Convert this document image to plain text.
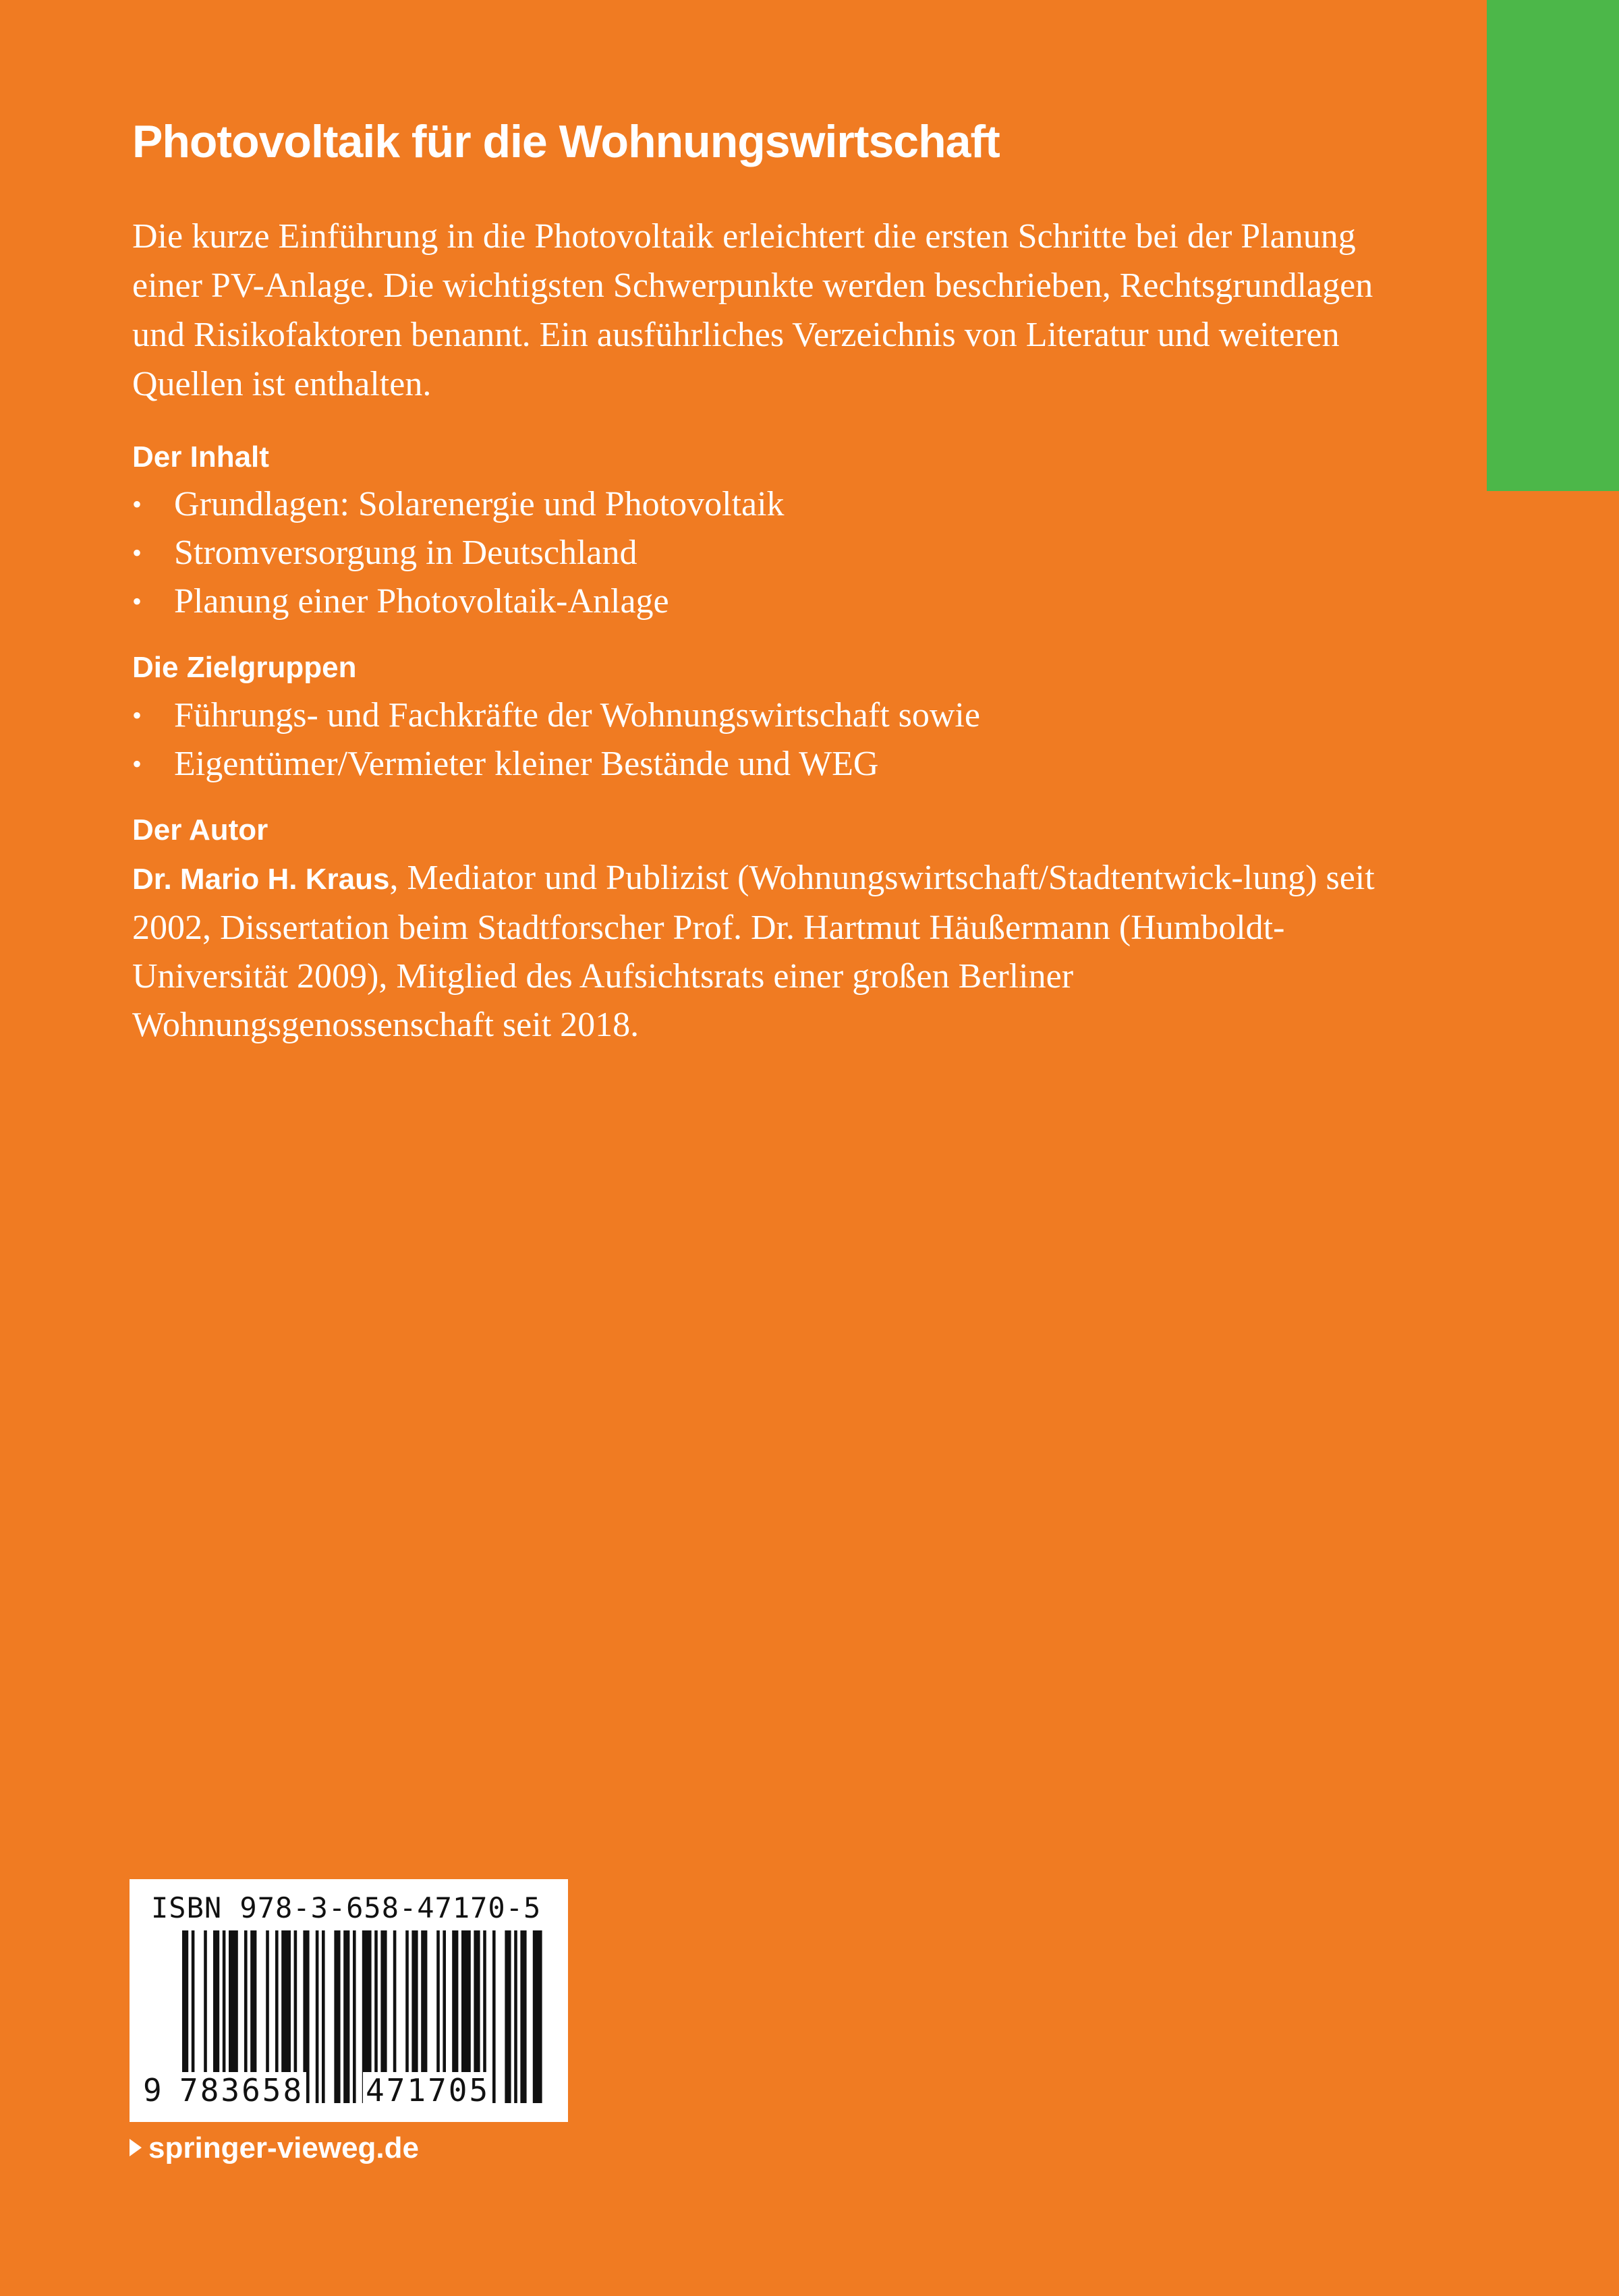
Photovoltaik für die Wohnungswirtschaft

Die kurze Einführung in die Photovoltaik erleichtert die ersten Schritte bei der Planung einer PV-Anlage. Die wichtigsten Schwerpunkte werden beschrieben, Rechtsgrundlagen und Risikofaktoren benannt. Ein ausführliches Verzeichnis von Literatur und weiteren Quellen ist enthalten.

Der Inhalt
• Grundlagen: Solarenergie und Photovoltaik
• Stromversorgung in Deutschland
• Planung einer Photovoltaik-Anlage
Die Zielgruppen
• Führungs- und Fachkräfte der Wohnungswirtschaft sowie
• Eigentümer/Vermieter kleiner Bestände und WEG
Der Autor

Dr. Mario H. Kraus, Mediator und Publizist (Wohnungswirtschaft/Stadtentwick-lung) seit 2002, Dissertation beim Stadtforscher Prof. Dr. Hartmut Häußermann (Humboldt-Universität 2009), Mitglied des Aufsichtsrats einer großen Berliner Wohnungsgenossenschaft seit 2018.

ISBN 978-3-658-47170-5
9 783658 471705
springer-vieweg.de
